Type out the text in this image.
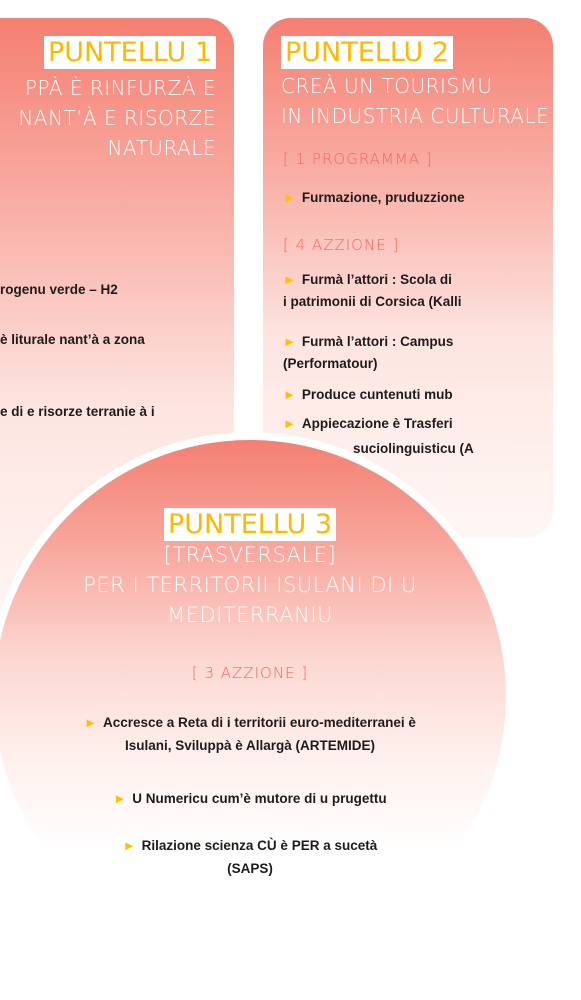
PUNTELLU 1
PPÀ È RINFURZÀ E
NANT’À E RISORZE
NATURALE
rogenu verde – H2
è liturale nant’à a zona
e di e risorze terranie à i
PUNTELLU 2
CREÀ UN TOURISMU
IN INDUSTRIA CULTURALE
[ 1 PROGRAMMA ]
► Furmazione, pruduzzione
[ 4 AZZIONE ]
► Furmà l’attori : Scola di
i patrimonii di Corsica (Kalli
► Furmà l’attori : Campus
(Performatour)
► Produce cuntenuti mub
► Appiecazione è Trasferi
suciolinguisticu (A
PUNTELLU 3
[TRASVERSALE]
PER I TERRITORII ISULANI DI U
MEDITERRANIU
[ 3 AZZIONE ]
► Accresce a Reta di i territorii euro-mediterranei è
Isulani, Sviluppà è Allargà (ARTEMIDE)
► U Numericu cum’è mutore di u prugettu
► Rilazione scienza CÙ è PER a sucetà
(SAPS)
